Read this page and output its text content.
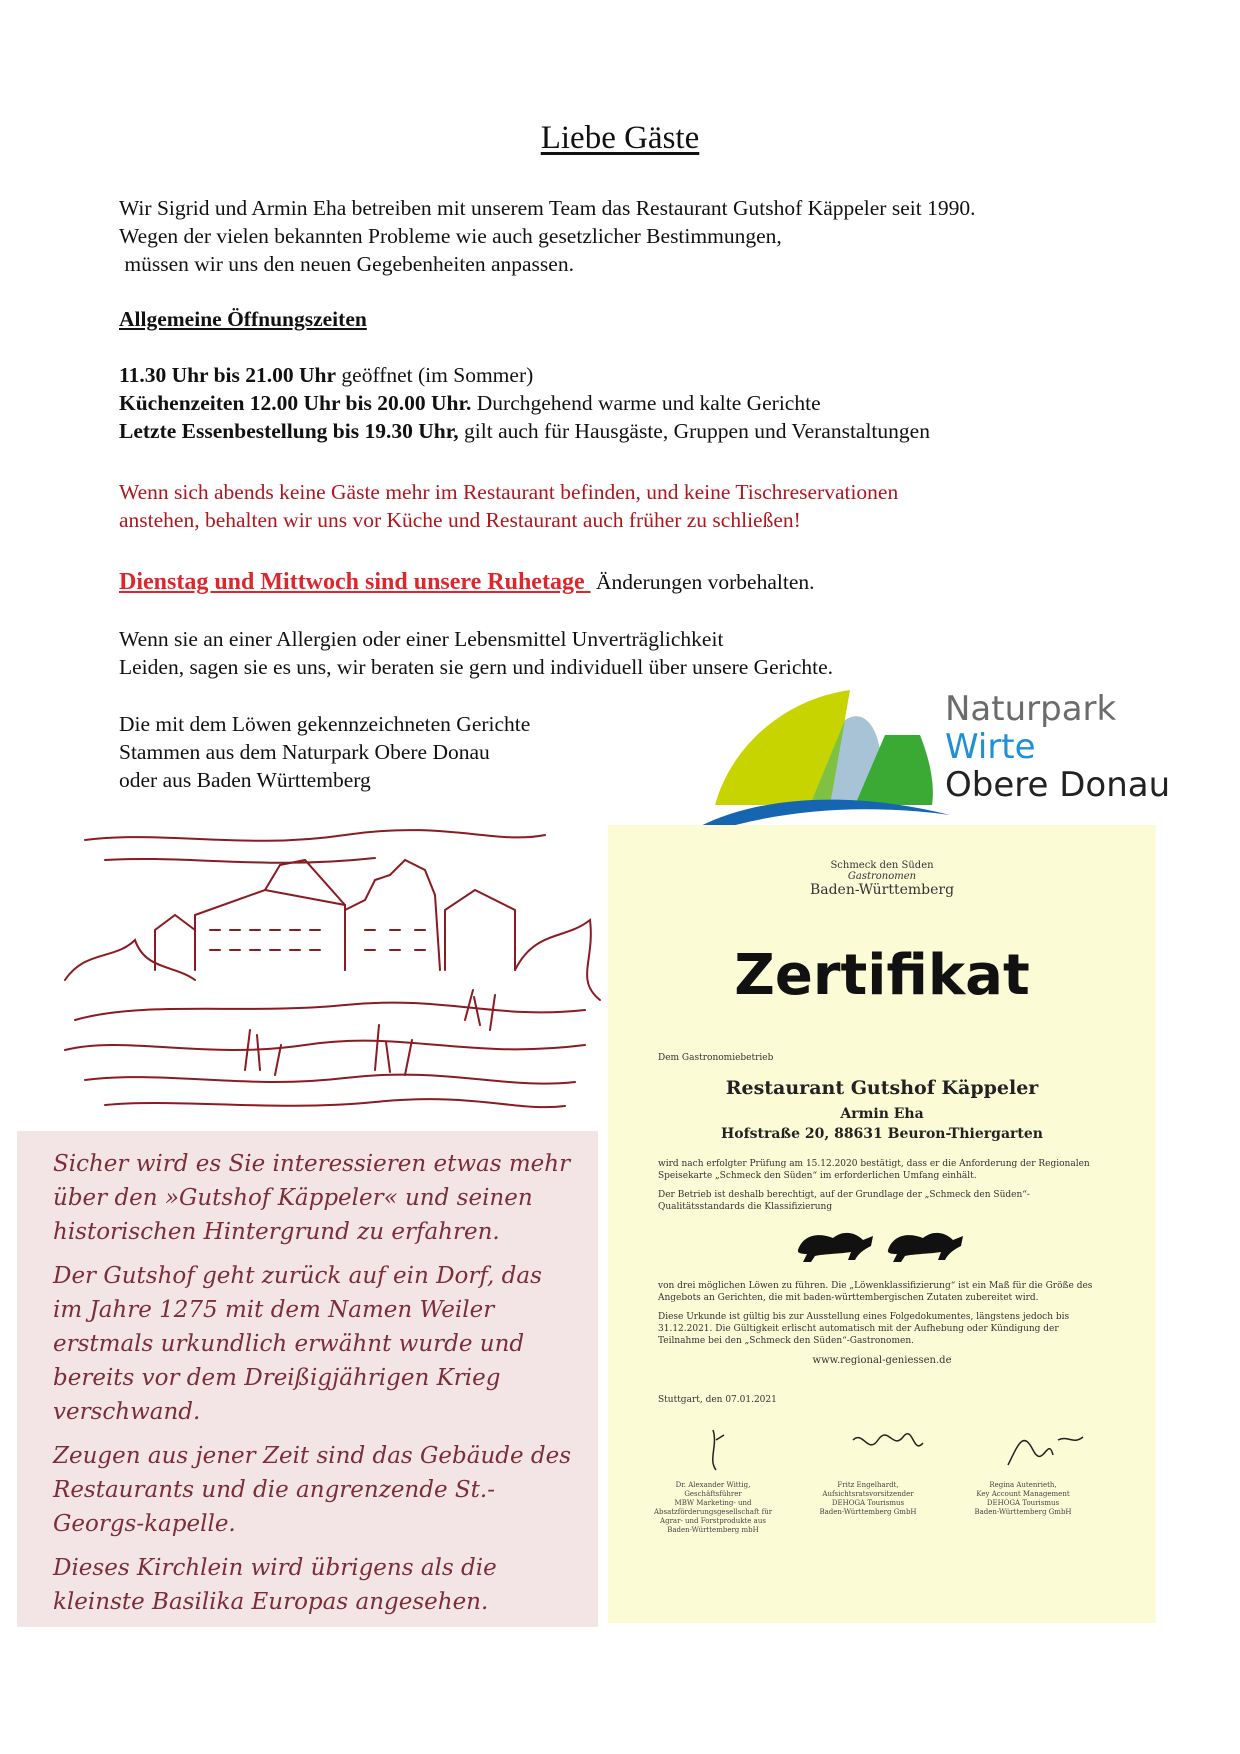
Liebe Gäste
Wir Sigrid und Armin Eha betreiben mit unserem Team das Restaurant Gutshof Käppeler seit 1990.
Wegen der vielen bekannten Probleme wie auch gesetzlicher Bestimmungen,
müssen wir uns den neuen Gegebenheiten anpassen.
Allgemeine Öffnungszeiten
11.30 Uhr bis 21.00 Uhr geöffnet (im Sommer)
Küchenzeiten 12.00 Uhr bis 20.00 Uhr. Durchgehend warme und kalte Gerichte
Letzte Essenbestellung bis 19.30 Uhr, gilt auch für Hausgäste, Gruppen und Veranstaltungen
Wenn sich abends keine Gäste mehr im Restaurant befinden, und keine Tischreservationen
anstehen, behalten wir uns vor Küche und Restaurant auch früher zu schließen!
Dienstag und Mittwoch sind unsere Ruhetage  Änderungen vorbehalten.
Wenn sie an einer Allergien oder einer Lebensmittel Unverträglichkeit
Leiden, sagen sie es uns, wir beraten sie gern und individuell über unsere Gerichte.
Die mit dem Löwen gekennzeichneten Gerichte
Stammen aus dem Naturpark Obere Donau
oder aus Baden Württemberg
Naturpark
Wirte
Obere Donau

Sicher wird es Sie interessieren etwas mehr über den »Gutshof Käppeler« und seinen historischen Hintergrund zu erfahren.

Der Gutshof geht zurück auf ein Dorf, das im Jahre 1275 mit dem Namen Weiler erstmals urkundlich erwähnt wurde und bereits vor dem Dreißigjährigen Krieg verschwand.

Zeugen aus jener Zeit sind das Gebäude des Restaurants und die angrenzende St.-Georgs-kapelle.

Dieses Kirchlein wird übrigens als die kleinste Basilika Europas angesehen.

Schmeck den Süden
Gastronomen
Baden-Württemberg
Zertifikat
Dem Gastronomiebetrieb
Restaurant Gutshof Käppeler
Armin Eha
Hofstraße 20, 88631 Beuron-Thiergarten
wird nach erfolgter Prüfung am 15.12.2020 bestätigt, dass er die Anforderung der Regionalen Speisekarte „Schmeck den Süden“ im erforderlichen Umfang einhält.
Der Betrieb ist deshalb berechtigt, auf der Grundlage der „Schmeck den Süden“-Qualitätsstandards die Klassifizierung
von drei möglichen Löwen zu führen. Die „Löwenklassifizierung“ ist ein Maß für die Größe des Angebots an Gerichten, die mit baden-württembergischen Zutaten zubereitet wird.
Diese Urkunde ist gültig bis zur Ausstellung eines Folgedokumentes, längstens jedoch bis 31.12.2021. Die Gültigkeit erlischt automatisch mit der Aufhebung oder Kündigung der Teilnahme bei den „Schmeck den Süden“-Gastronomen.
www.regional-geniessen.de
Stuttgart, den 07.01.2021
Dr. Alexander Wittig,
Geschäftsführer
MBW Marketing- und
Absatzförderungsgesellschaft für
Agrar- und Forstprodukte aus
Baden-Württemberg mbH
Fritz Engelhardt,
Aufsichtsratsvorsitzender
DEHOGA Tourismus
Baden-Württemberg GmbH
Regina Autenrieth,
Key Account Management
DEHOGA Tourismus
Baden-Württemberg GmbH
